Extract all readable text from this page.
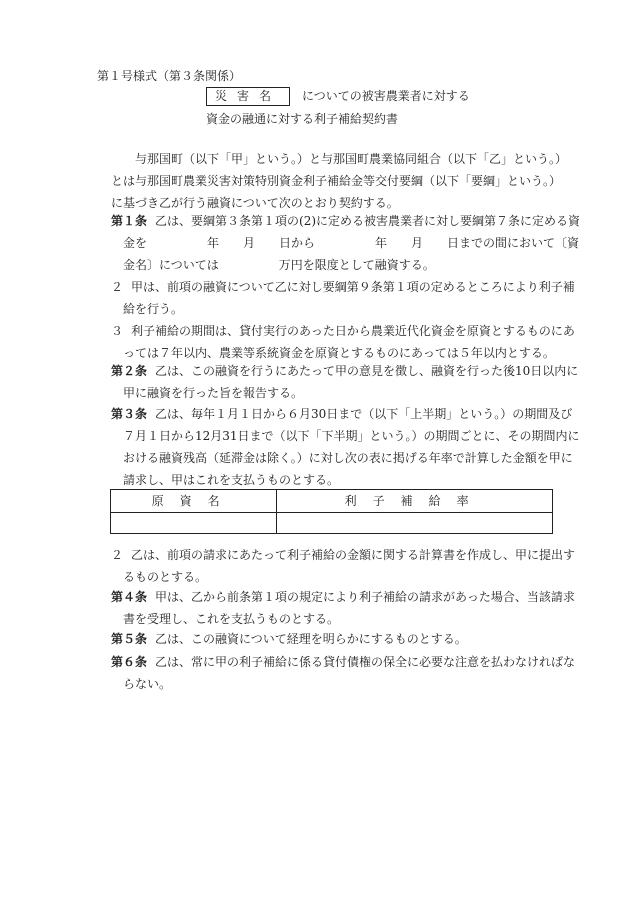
第１号様式（第３条関係）
災害名	についての被害農業者に対する
資金の融通に対する利子補給契約書

与那国町（以下「甲」という。）と与那国町農業協同組合（以下「乙」という。）とは与那国町農業災害対策特別資金利子補給金等交付要綱（以下「要綱」という。）に基づき乙が行う融資について次のとおり契約する。

第１条 乙は、要綱第３条第１項の(2)に定める被害農業者に対し要綱第７条に定める資金を　　　　　年　　月　　日から　　　　　年　　月　　日までの間において〔資金名〕については　　　　　万円を限度として融資する。

２ 甲は、前項の融資について乙に対し要綱第９条第１項の定めるところにより利子補給を行う。

３ 利子補給の期間は、貸付実行のあった日から農業近代化資金を原資とするものにあっては７年以内、農業等系統資金を原資とするものにあっては５年以内とする。

第２条 乙は、この融資を行うにあたって甲の意見を徴し、融資を行った後10日以内に甲に融資を行った旨を報告する。

第３条 乙は、毎年１月１日から６月30日まで（以下「上半期」という。）の期間及び７月１日から12月31日まで（以下「下半期」という。）の期間ごとに、その期間内における融資残高（延滞金は除く。）に対し次の表に掲げる年率で計算した金額を甲に請求し、甲はこれを支払うものとする。

原資名	利子補給率

２ 乙は、前項の請求にあたって利子補給の金額に関する計算書を作成し、甲に提出するものとする。

第４条 甲は、乙から前条第１項の規定により利子補給の請求があった場合、当該請求書を受理し、これを支払うものとする。

第５条 乙は、この融資について経理を明らかにするものとする。

第６条 乙は、常に甲の利子補給に係る貸付債権の保全に必要な注意を払わなければならない。
